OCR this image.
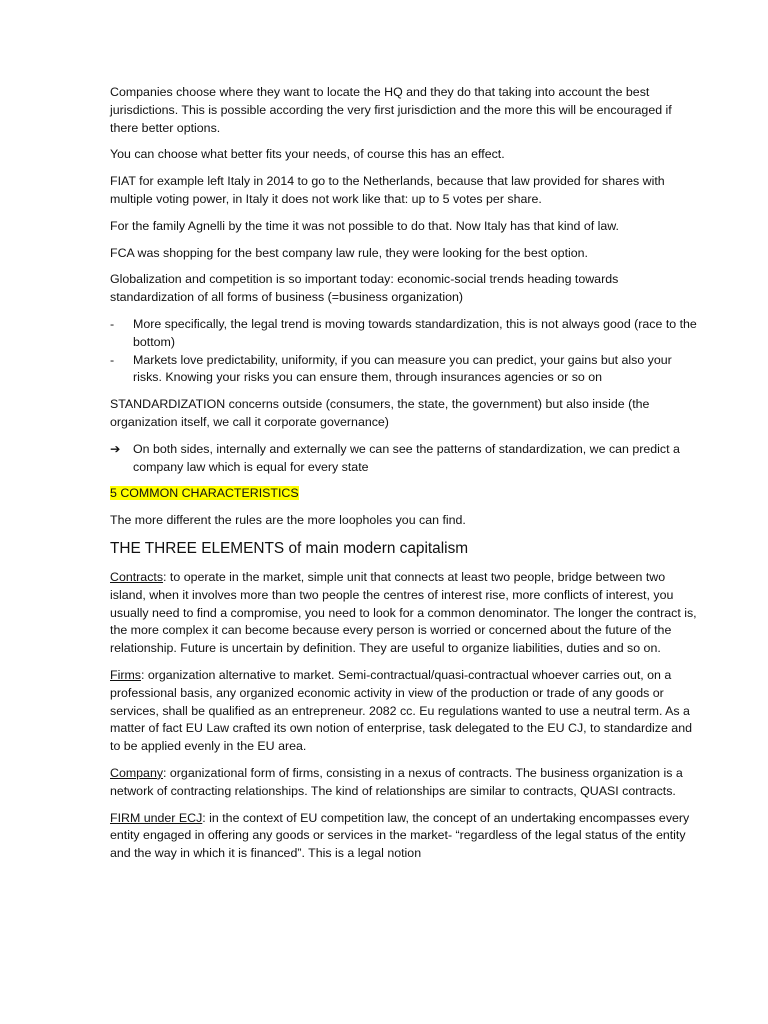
Companies choose where they want to locate the HQ and they do that taking into account the best jurisdictions. This is possible according the very first jurisdiction and the more this will be encouraged if there better options.

You can choose what better fits your needs, of course this has an effect.

FIAT for example left Italy in 2014 to go to the Netherlands, because that law provided for shares with multiple voting power, in Italy it does not work like that: up to 5 votes per share.

For the family Agnelli by the time it was not possible to do that. Now Italy has that kind of law.

FCA was shopping for the best company law rule, they were looking for the best option.

Globalization and competition is so important today: economic-social trends heading towards standardization of all forms of business (=business organization)

- More specifically, the legal trend is moving towards standardization, this is not always good (race to the bottom)
- Markets love predictability, uniformity, if you can measure you can predict, your gains but also your risks. Knowing your risks you can ensure them, through insurances agencies or so on

STANDARDIZATION concerns outside (consumers, the state, the government) but also inside (the organization itself, we call it corporate governance)

➔ On both sides, internally and externally we can see the patterns of standardization, we can predict a company law which is equal for every state

5 COMMON CHARACTERISTICS

The more different the rules are the more loopholes you can find.

THE THREE ELEMENTS of main modern capitalism

Contracts: to operate in the market, simple unit that connects at least two people, bridge between two island, when it involves more than two people the centres of interest rise, more conflicts of interest, you usually need to find a compromise, you need to look for a common denominator. The longer the contract is, the more complex it can become because every person is worried or concerned about the future of the relationship. Future is uncertain by definition. They are useful to organize liabilities, duties and so on.

Firms: organization alternative to market. Semi-contractual/quasi-contractual whoever carries out, on a professional basis, any organized economic activity in view of the production or trade of any goods or services, shall be qualified as an entrepreneur. 2082 cc. Eu regulations wanted to use a neutral term. As a matter of fact EU Law crafted its own notion of enterprise, task delegated to the EU CJ, to standardize and to be applied evenly in the EU area.

Company: organizational form of firms, consisting in a nexus of contracts. The business organization is a network of contracting relationships. The kind of relationships are similar to contracts, QUASI contracts.

FIRM under ECJ: in the context of EU competition law, the concept of an undertaking encompasses every entity engaged in offering any goods or services in the market- “regardless of the legal status of the entity and the way in which it is financed”. This is a legal notion
